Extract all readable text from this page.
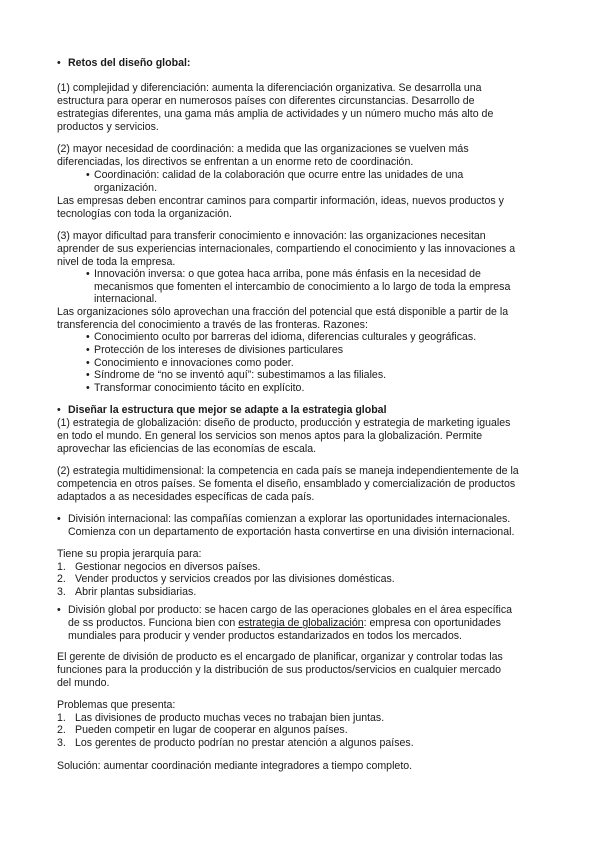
• Retos del diseño global:
(1) complejidad y diferenciación: aumenta la diferenciación organizativa. Se desarrolla una
estructura para operar en numerosos países con diferentes circunstancias. Desarrollo de
estrategias diferentes, una gama más amplia de actividades y un número mucho más alto de
productos y servicios.
(2) mayor necesidad de coordinación: a medida que las organizaciones se vuelven más
diferenciadas, los directivos se enfrentan a un enorme reto de coordinación.
• Coordinación: calidad de la colaboración que ocurre entre las unidades de una
organización.
Las empresas deben encontrar caminos para compartir información, ideas, nuevos productos y
tecnologías con toda la organización.
(3) mayor dificultad para transferir conocimiento e innovación: las organizaciones necesitan
aprender de sus experiencias internacionales, compartiendo el conocimiento y las innovaciones a
nivel de toda la empresa.
• Innovación inversa: o que gotea haca arriba, pone más énfasis en la necesidad de
mecanismos que fomenten el intercambio de conocimiento a lo largo de toda la empresa
internacional.
Las organizaciones sólo aprovechan una fracción del potencial que está disponible a partir de la
transferencia del conocimiento a través de las fronteras. Razones:
• Conocimiento oculto por barreras del idioma, diferencias culturales y geográficas.
• Protección de los intereses de divisiones particulares
• Conocimiento e innovaciones como poder.
• Síndrome de “no se inventó aquí”: subestimamos a las filiales.
• Transformar conocimiento tácito en explícito.
• Diseñar la estructura que mejor se adapte a la estrategia global
(1) estrategia de globalización: diseño de producto, producción y estrategia de marketing iguales
en todo el mundo. En general los servicios son menos aptos para la globalización. Permite
aprovechar las eficiencias de las economías de escala.
(2) estrategia multidimensional: la competencia en cada país se maneja independientemente de la
competencia en otros países. Se fomenta el diseño, ensamblado y comercialización de productos
adaptados a as necesidades específicas de cada país.
• División internacional: las compañías comienzan a explorar las oportunidades internacionales.
Comienza con un departamento de exportación hasta convertirse en una división internacional.
Tiene su propia jerarquía para:
1. Gestionar negocios en diversos países.
2. Vender productos y servicios creados por las divisiones domésticas.
3. Abrir plantas subsidiarias.
• División global por producto: se hacen cargo de las operaciones globales en el área específica
de ss productos. Funciona bien con estrategia de globalización: empresa con oportunidades
mundiales para producir y vender productos estandarizados en todos los mercados.
El gerente de división de producto es el encargado de planificar, organizar y controlar todas las
funciones para la producción y la distribución de sus productos/servicios en cualquier mercado
del mundo.
Problemas que presenta:
1. Las divisiones de producto muchas veces no trabajan bien juntas.
2. Pueden competir en lugar de cooperar en algunos países.
3. Los gerentes de producto podrían no prestar atención a algunos países.
Solución: aumentar coordinación mediante integradores a tiempo completo.
